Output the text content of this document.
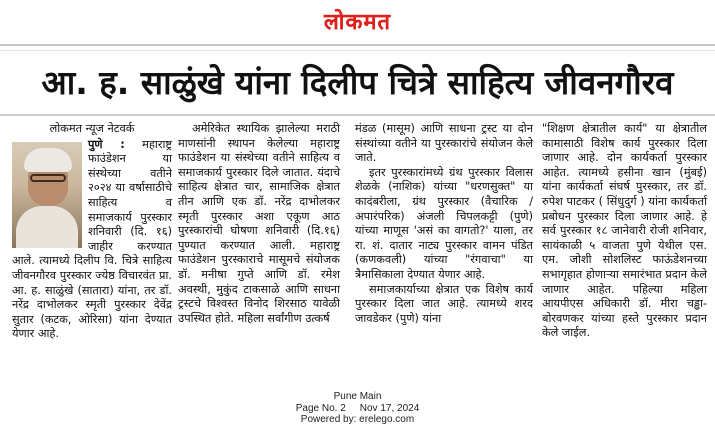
लोकमत
आ. ह. साळुंखे यांना दिलीप चित्रे साहित्य जीवनगौरव
लोकमत न्यूज नेटवर्क

पुणे : महाराष्ट्र फाउंडेशन या संस्थेच्या वतीने २०२४ या वर्षासाठीचे साहित्य व समाजकार्य पुरस्कार शनिवारी (दि. १६) जाहीर करण्यात आले. त्यामध्ये दिलीप वि. चित्रे साहित्य जीवनगौरव पुरस्कार ज्येष्ठ विचारवंत प्रा. आ. ह. साळुंखे (सातारा) यांना, तर डॉ. नरेंद्र दाभोलकर स्मृती पुरस्कार देवेंद्र सुतार (कटक, ओरिसा) यांना देण्यात येणार आहे.

अमेरिकेत स्थायिक झालेल्या मराठी माणसांनी स्थापन केलेल्या महाराष्ट्र फाउंडेशन या संस्थेच्या वतीने साहित्य व समाजकार्य पुरस्कार दिले जातात. यंदाचे साहित्य क्षेत्रात चार, सामाजिक क्षेत्रात तीन आणि एक डॉ. नरेंद्र दाभोलकर स्मृती पुरस्कार अशा एकूण आठ पुरस्कारांची घोषणा शनिवारी (दि.१६) पुण्यात करण्यात आली. महाराष्ट्र फाउंडेशन पुरस्काराचे मासूमचे संयोजक डॉ. मनीषा गुप्ते आणि डॉ. रमेश अवस्थी, मुकुंद टाकसाळे आणि साधना ट्रस्टचे विश्वस्त विनोद शिरसाठ यावेळी उपस्थित होते. महिला सर्वांगीण उत्कर्ष

मंडळ (मासूम) आणि साधना ट्रस्ट या दोन संस्थांच्या वतीने या पुरस्कारांचे संयोजन केले जाते.

इतर पुरस्कारांमध्ये ग्रंथ पुरस्कार विलास शेळके (नाशिक) यांच्या "धरणसुक्त" या कादंबरीला, ग्रंथ पुरस्कार (वैचारिक /अपारंपरिक) अंजली चिपलकट्टी (पुणे) यांच्या माणूस 'असं का वागतो?' याला, तर रा. शं. दातार नाट्य पुरस्कार वामन पंडित (कणकवली) यांच्या "रंगवाचा" या त्रैमासिकाला देण्यात येणार आहे.

समाजकार्याच्या क्षेत्रात एक विशेष कार्य पुरस्कार दिला जात आहे. त्यामध्ये शरद जावडेकर (पुणे) यांना

"शिक्षण क्षेत्रातील कार्य" या क्षेत्रातील कामासाठी विशेष कार्य पुरस्कार दिला जाणार आहे. दोन कार्यकर्ता पुरस्कार आहेत. त्यामध्ये हसीना खान (मुंबई) यांना कार्यकर्ता संघर्ष पुरस्कार, तर डॉ. रुपेश पाटकर ( सिंधुदुर्ग ) यांना कार्यकर्ता प्रबोधन पुरस्कार दिला जाणार आहे. हे सर्व पुरस्कार १८ जानेवारी रोजी शनिवार, सायंकाळी ५ वाजता पुणे येथील एस. एम. जोशी सोशलिस्ट फाऊंडेशनच्या सभागृहात होणाऱ्या समारंभात प्रदान केले जाणार आहेत. पहिल्या महिला आयपीएस अधिकारी डॉ. मीरा चड्ढा-बोरवणकर यांच्या हस्ते पुरस्कार प्रदान केले जाईल.

Pune Main
Page No. 2 Nov 17, 2024
Powered by: erelego.com
